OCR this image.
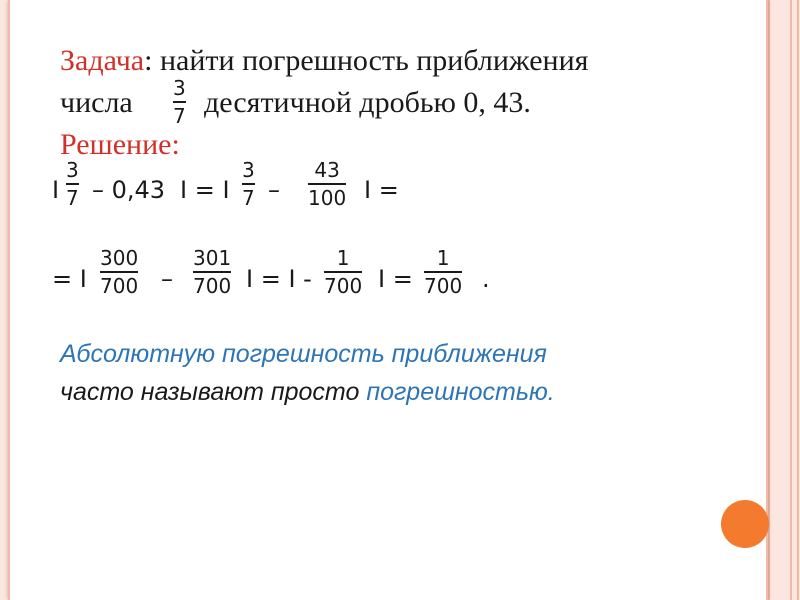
Задача: найти погрешность приближения
числа 3
7 десятичной дробью 0, 43.
Решение:
I
3
7 – 0,43 I = I
3
7 –
43
100 I =
= I
300
700 –
301
700 I = I -
1
700 I =
1
700 .
Абсолютную погрешность приближения
часто называют просто погрешностью.
